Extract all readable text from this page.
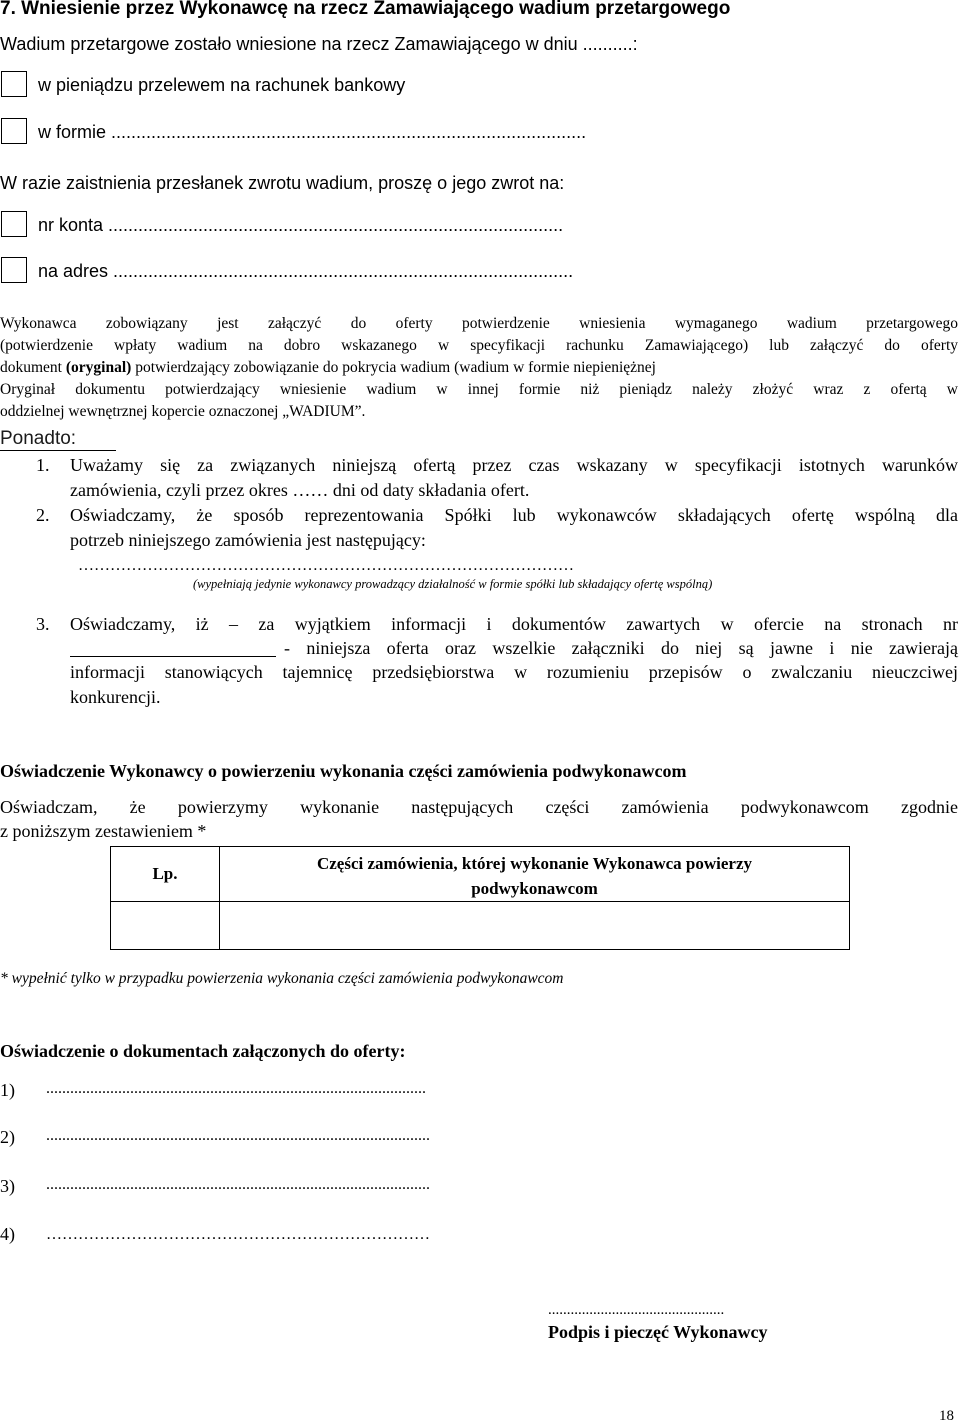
7. Wniesienie przez Wykonawcę na rzecz Zamawiającego wadium przetargowego
Wadium przetargowe zostało wniesione na rzecz Zamawiającego w dniu ..........:
w pieniądzu przelewem na rachunek bankowy
w formie ...............................................................................................
W razie zaistnienia przesłanek zwrotu wadium, proszę o jego zwrot na:
nr konta ...........................................................................................
na adres ............................................................................................
Wykonawca zobowiązany jest załączyć do oferty potwierdzenie wniesienia wymaganego wadium przetargowego
(potwierdzenie wpłaty wadium na dobro wskazanego w specyfikacji rachunku Zamawiającego) lub załączyć do oferty
dokument (oryginal) potwierdzający zobowiązanie do pokrycia wadium (wadium w formie niepieniężnej
Oryginał dokumentu potwierdzający wniesienie wadium w innej formie niż pieniądz należy złożyć wraz z ofertą w
oddzielnej wewnętrznej kopercie oznaczonej „WADIUM”.
Ponadto:
1. Uważamy się za związanych niniejszą ofertą przez czas wskazany w specyfikacji istotnych warunków
zamówienia, czyli przez okres …… dni od daty składania ofert.
2. Oświadczamy, że sposób reprezentowania Spółki lub wykonawców składających ofertę wspólną dla
potrzeb niniejszego zamówienia jest następujący:
…………………………………………………………………………………
(wypełniają jedynie wykonawcy prowadzący działalność w formie spółki lub składający ofertę wspólną)
3. Oświadczamy, iż – za wyjątkiem informacji i dokumentów zawartych w ofercie na stronach nr
- niniejsza oferta oraz wszelkie załączniki do niej są jawne i nie zawierają
informacji stanowiących tajemnicę przedsiębiorstwa w rozumieniu przepisów o zwalczaniu nieuczciwej
konkurencji.
Oświadczenie Wykonawcy o powierzeniu wykonania części zamówienia podwykonawcom
Oświadczam, że powierzymy wykonanie następujących części zamówienia podwykonawcom zgodnie
z poniższym zestawieniem *
Lp.	Części zamówienia, której wykonanie Wykonawca powierzy
podwykonawcom

* wypełnić tylko w przypadku powierzenia wykonania części zamówienia podwykonawcom
Oświadczenie o dokumentach załączonych do oferty:
1) ...............................................................................................
2) ................................................................................................
3) ................................................................................................
4) ………………………………………………………………
...............................................
Podpis i pieczęć Wykonawcy
18
